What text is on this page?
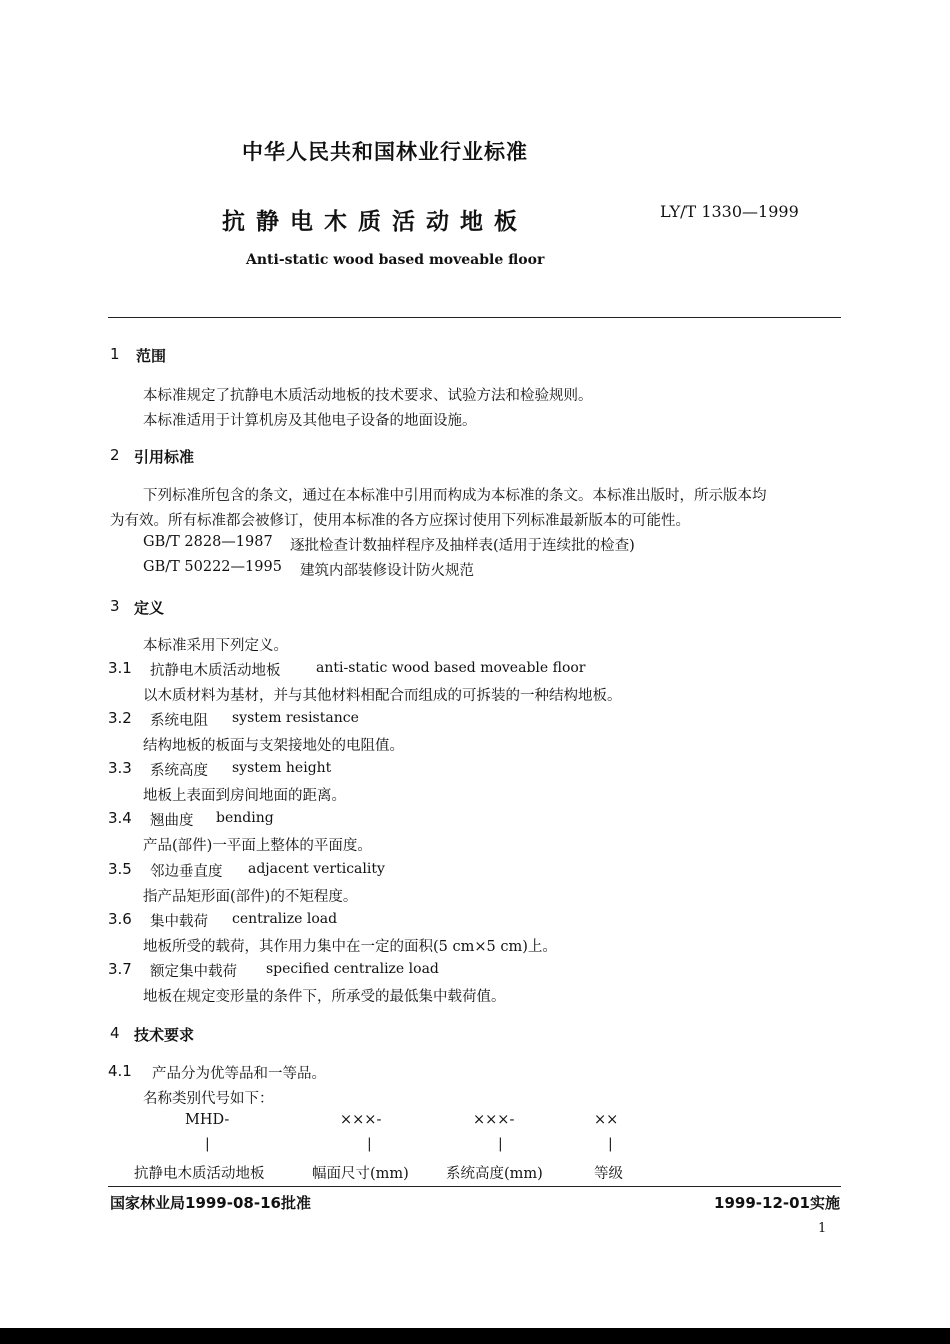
中华人民共和国林业行业标准
抗静电木质活动地板	LY/T 1330—1999
Anti-static wood based moveable floor
1 范围
本标准规定了抗静电木质活动地板的技术要求、试验方法和检验规则。
本标准适用于计算机房及其他电子设备的地面设施。
2 引用标准
下列标准所包含的条文，通过在本标准中引用而构成为本标准的条文。本标准出版时，所示版本均
为有效。所有标准都会被修订，使用本标准的各方应探讨使用下列标准最新版本的可能性。
GB/T 2828—1987 逐批检查计数抽样程序及抽样表(适用于连续批的检查)
GB/T 50222—1995 建筑内部装修设计防火规范
3 定义
本标准采用下列定义。
3.1 抗静电木质活动地板	anti-static wood based moveable floor
以木质材料为基材，并与其他材料相配合而组成的可拆装的一种结构地板。
3.2 系统电阻 system resistance
结构地板的板面与支架接地处的电阻值。
3.3 系统高度 system height
地板上表面到房间地面的距离。
3.4 翘曲度 bending
产品(部件)一平面上整体的平面度。
3.5 邻边垂直度 adjacent verticality
指产品矩形面(部件)的不矩程度。
3.6 集中载荷 centralize load
地板所受的载荷，其作用力集中在一定的面积(5 cm×5 cm)上。
3.7 额定集中载荷 specified centralize load
地板在规定变形量的条件下，所承受的最低集中载荷值。
4 技术要求
4.1 产品分为优等品和一等品。
名称类别代号如下：
MHD-	×××-	×××-	××
|	|	|	|
抗静电木质活动地板	幅面尺寸(mm)	系统高度(mm)	等级
国家林业局1999-08-16批准	1999-12-01实施
1
